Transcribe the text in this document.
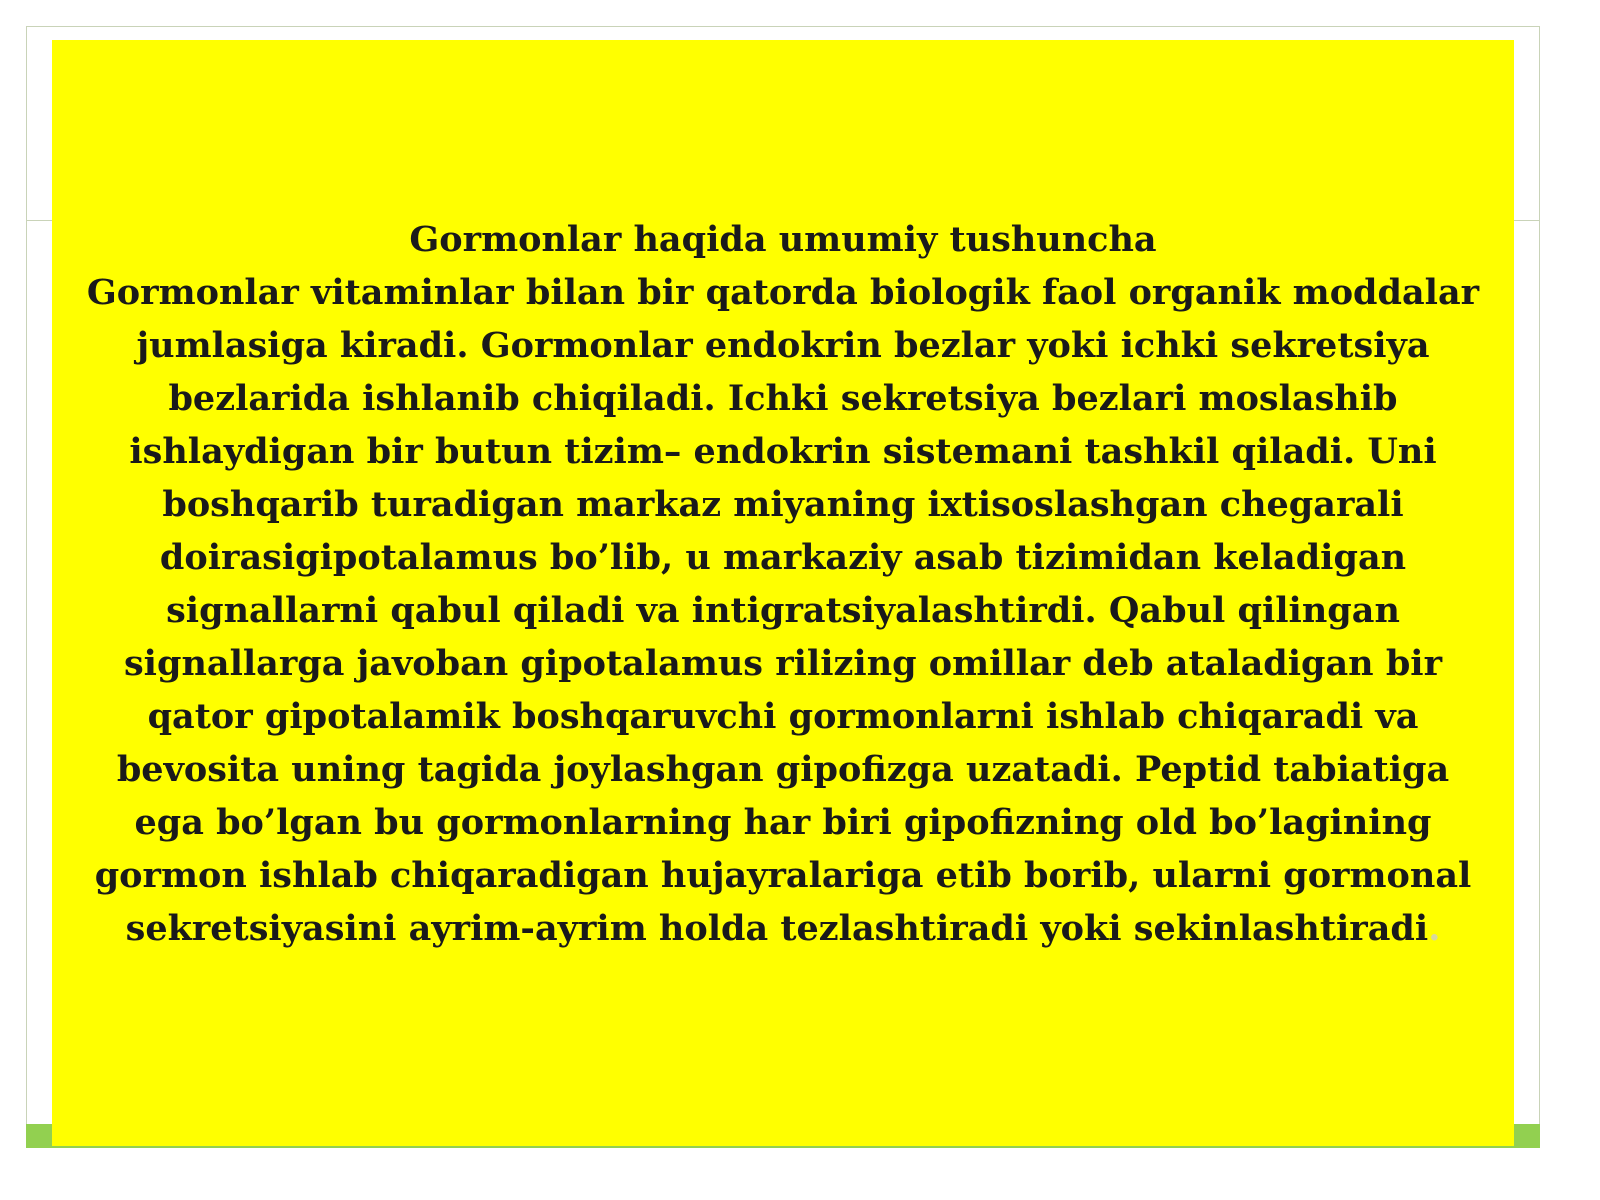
Gormonlar haqida umumiy tushuncha
Gormonlar vitaminlar bilan bir qatorda biologik faol organik moddalar jumlasiga kiradi. Gormonlar endokrin bezlar yoki ichki sekretsiya bezlarida ishlanib chiqiladi. Ichki sekretsiya bezlari moslashib ishlaydigan bir butun tizim– endokrin sistemani tashkil qiladi. Uni boshqarib turadigan markaz miyaning ixtisoslashgan chegarali doirasigipotalamus bo’lib, u markaziy asab tizimidan keladigan signallarni qabul qiladi va intigratsiyalashtirdi. Qabul qilingan signallarga javoban gipotalamus rilizing omillar deb ataladigan bir qator gipotalamik boshqaruvchi gormonlarni ishlab chiqaradi va bevosita uning tagida joylashgan gipofizga uzatadi. Peptid tabiatiga ega bo’lgan bu gormonlarning har biri gipofizning old bo’lagining gormon ishlab chiqaradigan hujayralariga etib borib, ularni gormonal sekretsiyasini ayrim-ayrim holda tezlashtiradi yoki sekinlashtiradi.
